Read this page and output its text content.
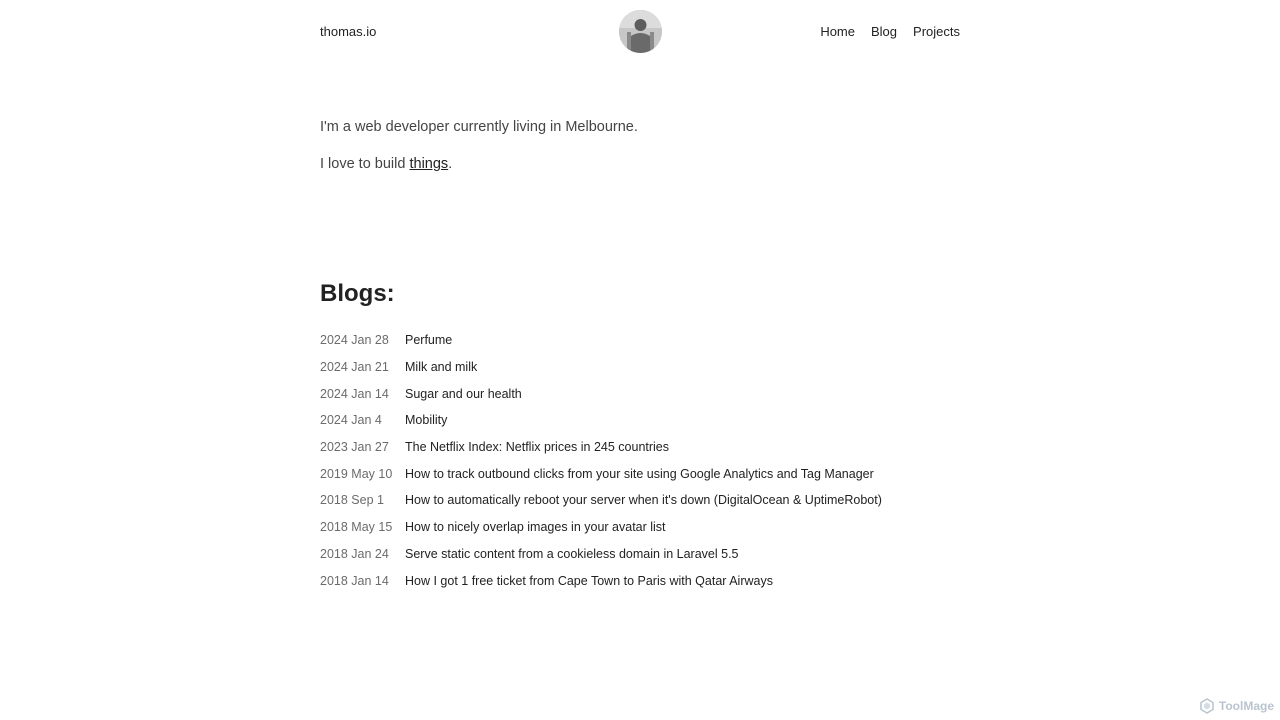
thomas.io	Home Blog Projects

I'm a web developer currently living in Melbourne.

I love to build things.

Blogs:
2024 Jan 28	Perfume
2024 Jan 21	Milk and milk
2024 Jan 14	Sugar and our health
2024 Jan 4	Mobility
2023 Jan 27	The Netflix Index: Netflix prices in 245 countries
2019 May 10	How to track outbound clicks from your site using Google Analytics and Tag Manager
2018 Sep 1	How to automatically reboot your server when it's down (DigitalOcean & UptimeRobot)
2018 May 15	How to nicely overlap images in your avatar list
2018 Jan 24	Serve static content from a cookieless domain in Laravel 5.5
2018 Jan 14	How I got 1 free ticket from Cape Town to Paris with Qatar Airways
ToolMage
